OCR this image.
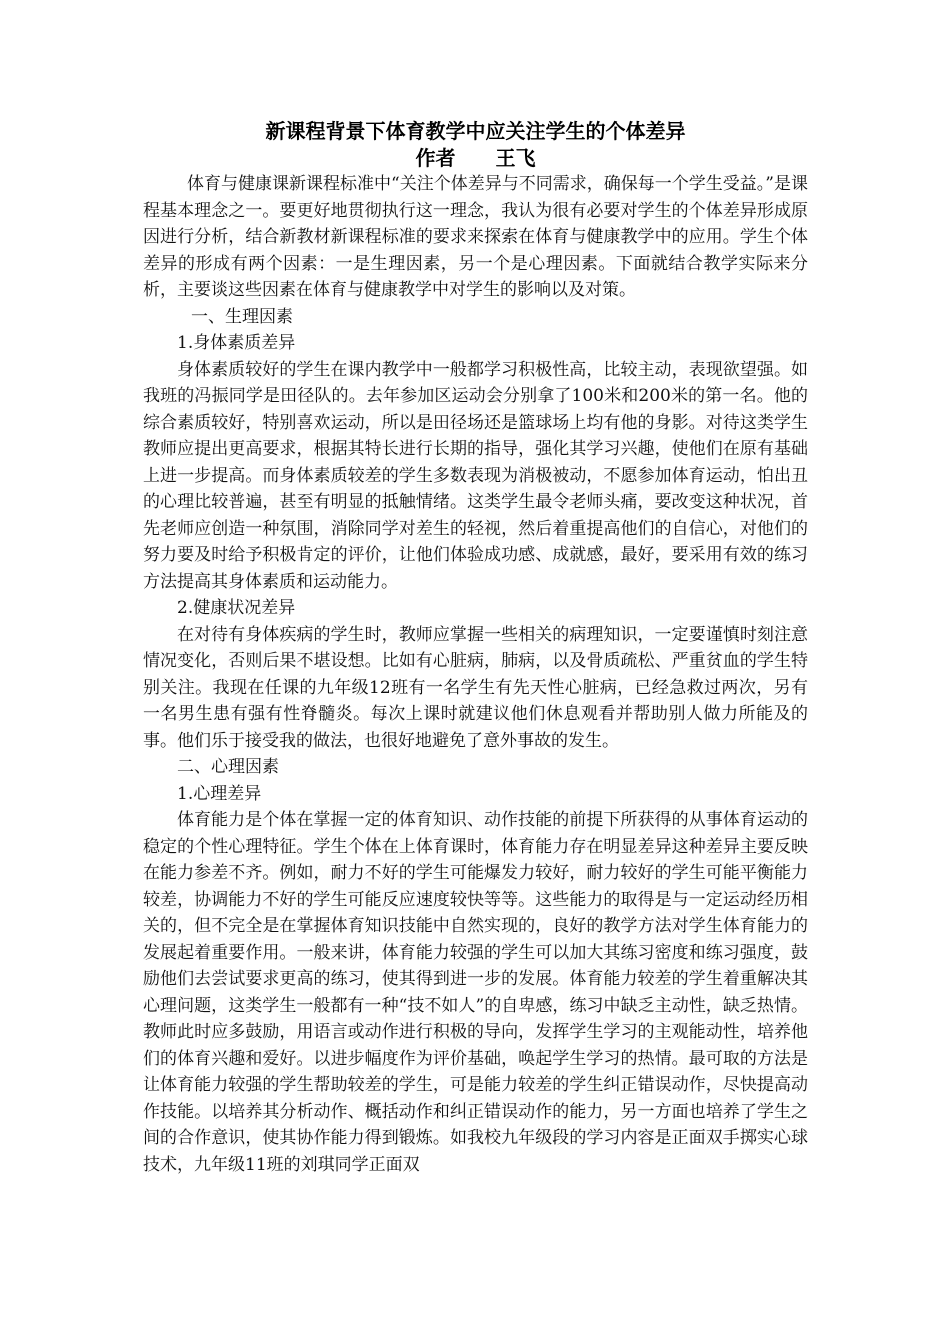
新课程背景下体育教学中应关注学生的个体差异
作者　　王飞

体育与健康课新课程标准中“关注个体差异与不同需求，确保每一个学生受益。”是课程基本理念之一。要更好地贯彻执行这一理念，我认为很有必要对学生的个体差异形成原因进行分析，结合新教材新课程标准的要求来探索在体育与健康教学中的应用。学生个体差异的形成有两个因素：一是生理因素，另一个是心理因素。下面就结合教学实际来分析，主要谈这些因素在体育与健康教学中对学生的影响以及对策。

一、生理因素

1.身体素质差异

身体素质较好的学生在课内教学中一般都学习积极性高，比较主动，表现欲望强。如我班的冯振同学是田径队的。去年参加区运动会分别拿了100米和200米的第一名。他的综合素质较好，特别喜欢运动，所以是田径场还是篮球场上均有他的身影。对待这类学生教师应提出更高要求，根据其特长进行长期的指导，强化其学习兴趣，使他们在原有基础上进一步提高。而身体素质较差的学生多数表现为消极被动，不愿参加体育运动，怕出丑的心理比较普遍，甚至有明显的抵触情绪。这类学生最令老师头痛，要改变这种状况，首先老师应创造一种氛围，消除同学对差生的轻视，然后着重提高他们的自信心，对他们的努力要及时给予积极肯定的评价，让他们体验成功感、成就感，最好，要采用有效的练习方法提高其身体素质和运动能力。

2.健康状况差异

在对待有身体疾病的学生时，教师应掌握一些相关的病理知识，一定要谨慎时刻注意情况变化，否则后果不堪设想。比如有心脏病，肺病，以及骨质疏松、严重贫血的学生特别关注。我现在任课的九年级12班有一名学生有先天性心脏病，已经急救过两次，另有一名男生患有强有性脊髓炎。每次上课时就建议他们休息观看并帮助别人做力所能及的事。他们乐于接受我的做法，也很好地避免了意外事故的发生。

二、心理因素

1.心理差异

体育能力是个体在掌握一定的体育知识、动作技能的前提下所获得的从事体育运动的稳定的个性心理特征。学生个体在上体育课时，体育能力存在明显差异这种差异主要反映在能力参差不齐。例如，耐力不好的学生可能爆发力较好，耐力较好的学生可能平衡能力较差，协调能力不好的学生可能反应速度较快等等。这些能力的取得是与一定运动经历相关的，但不完全是在掌握体育知识技能中自然实现的，良好的教学方法对学生体育能力的发展起着重要作用。一般来讲，体育能力较强的学生可以加大其练习密度和练习强度，鼓励他们去尝试要求更高的练习，使其得到进一步的发展。体育能力较差的学生着重解决其心理问题，这类学生一般都有一种“技不如人”的自卑感，练习中缺乏主动性，缺乏热情。教师此时应多鼓励，用语言或动作进行积极的导向，发挥学生学习的主观能动性，培养他们的体育兴趣和爱好。以进步幅度作为评价基础，唤起学生学习的热情。最可取的方法是让体育能力较强的学生帮助较差的学生，可是能力较差的学生纠正错误动作，尽快提高动作技能。以培养其分析动作、概括动作和纠正错误动作的能力，另一方面也培养了学生之间的合作意识，使其协作能力得到锻炼。如我校九年级段的学习内容是正面双手掷实心球技术，九年级11班的刘琪同学正面双
